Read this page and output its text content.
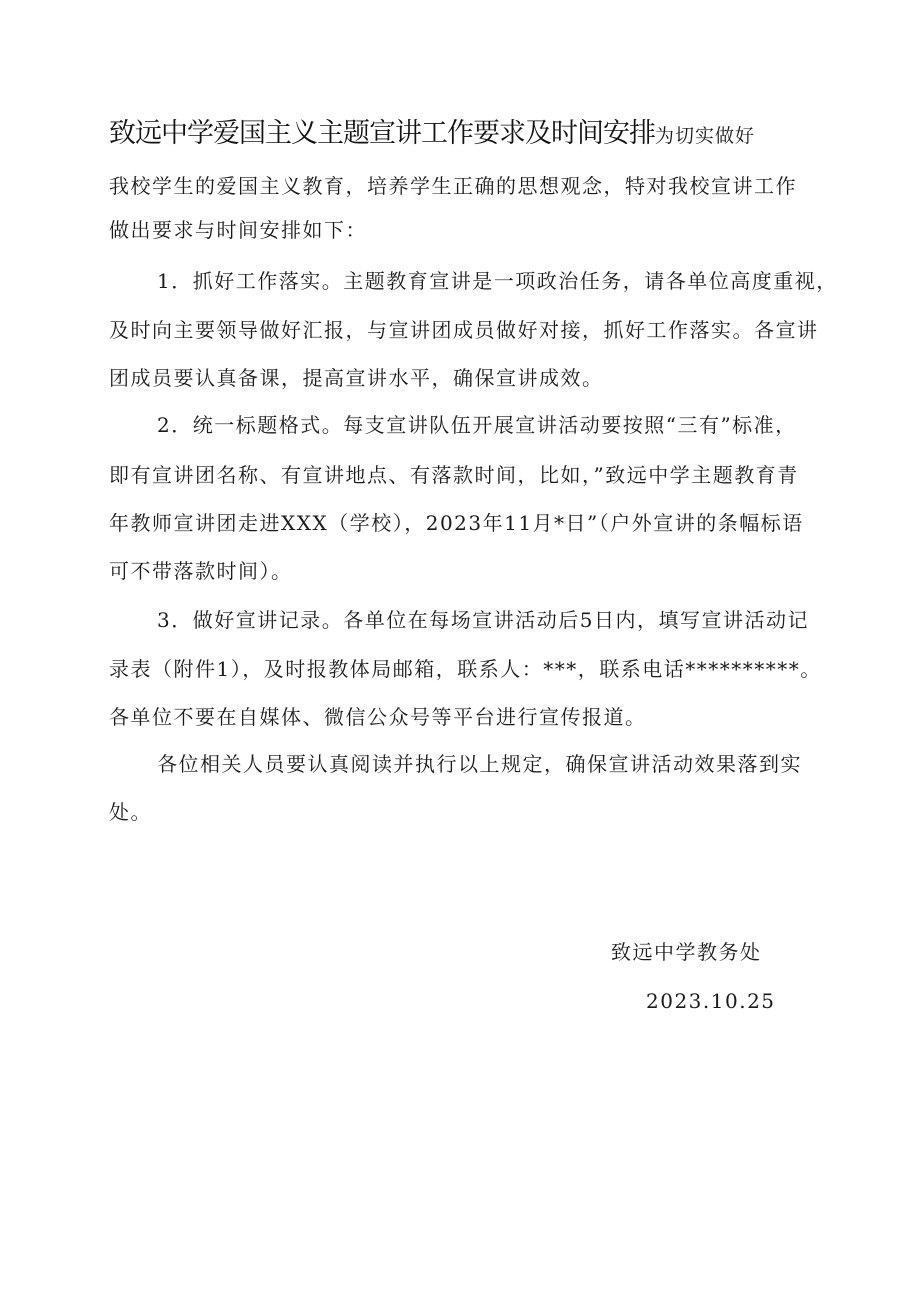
致远中学爱国主义主题宣讲工作要求及时间安排为切实做好
我校学生的爱国主义教育，培养学生正确的思想观念，特对我校宣讲工作
做出要求与时间安排如下：
1．抓好工作落实。主题教育宣讲是一项政治任务，请各单位高度重视，
及时向主要领导做好汇报，与宣讲团成员做好对接，抓好工作落实。各宣讲
团成员要认真备课，提高宣讲水平，确保宣讲成效。
2．统一标题格式。每支宣讲队伍开展宣讲活动要按照“三有”标准，
即有宣讲团名称、有宣讲地点、有落款时间，比如，”致远中学主题教育青
年教师宣讲团走进XXX（学校），2023年11月*日”（户外宣讲的条幅标语
可不带落款时间）。
3．做好宣讲记录。各单位在每场宣讲活动后5日内，填写宣讲活动记
录表（附件1），及时报教体局邮箱，联系人：***，联系电话**********。
各单位不要在自媒体、微信公众号等平台进行宣传报道。
各位相关人员要认真阅读并执行以上规定，确保宣讲活动效果落到实
处。
致远中学教务处
2023.10.25
